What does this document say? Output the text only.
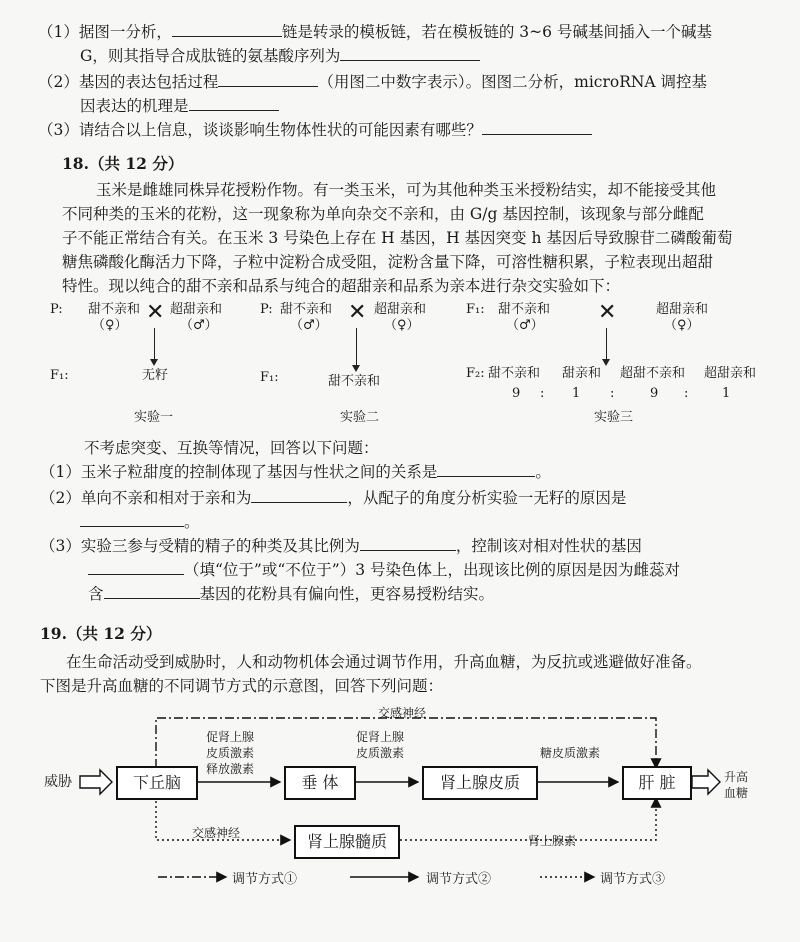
（1）据图一分析，	链是转录的模板链，若在模板链的 3~6 号碱基间插入一个碱基
G，则其指导合成肽链的氨基酸序列为
（2）基因的表达包括过程	（用图二中数字表示）。图图二分析，microRNA 调控基
因表达的机理是
（3）请结合以上信息，谈谈影响生物体性状的可能因素有哪些？
18.（共 12 分）
玉米是雌雄同株异花授粉作物。有一类玉米，可为其他种类玉米授粉结实，却不能接受其他
不同种类的玉米的花粉，这一现象称为单向杂交不亲和，由 G/g 基因控制，该现象与部分雌配
子不能正常结合有关。在玉米 3 号染色上存在 H 基因，H 基因突变 h 基因后导致腺苷二磷酸葡萄
糖焦磷酸化酶活力下降，子粒中淀粉合成受阻，淀粉含量下降，可溶性糖积累，子粒表现出超甜
特性。现以纯合的甜不亲和品系与纯合的超甜亲和品系为亲本进行杂交实验如下：
P: 甜不亲和
（♀）
✕ 超甜亲和
（♂）
F₁:	无籽
实验一
P: 甜不亲和
（♂）
✕ 超甜亲和
（♀）
F₁:	甜不亲和
实验二
F₁: 甜不亲和
（♂）
✕	超甜亲和
（♀）
F₂: 甜不亲和 甜亲和 超甜不亲和 超甜亲和
9 : 1 :	9 :	1
实验三
不考虑突变、互换等情况，回答以下问题：
（1）玉米子粒甜度的控制体现了基因与性状之间的关系是	。
（2）单向不亲和相对于亲和为	，从配子的角度分析实验一无籽的原因是
。
（3）实验三参与受精的精子的种类及其比例为	，控制该对相对性状的基因
（填“位于”或“不位于”）3 号染色体上，出现该比例的原因是因为雌蕊对
含	基因的花粉具有偏向性，更容易授粉结实。
19.（共 12 分）
在生命活动受到威胁时，人和动物机体会通过调节作用，升高血糖，为反抗或逃避做好准备。
下图是升高血糖的不同调节方式的示意图，回答下列问题：
威胁	下丘脑	垂 体	肾上腺皮质	肝 脏
肾上腺髓质
交感神经
促肾上腺
皮质激素
释放激素
促肾上腺
皮质激素	糖皮质激素
交感神经
肾上腺素
升高
血糖
调节方式①	调节方式②	调节方式③
